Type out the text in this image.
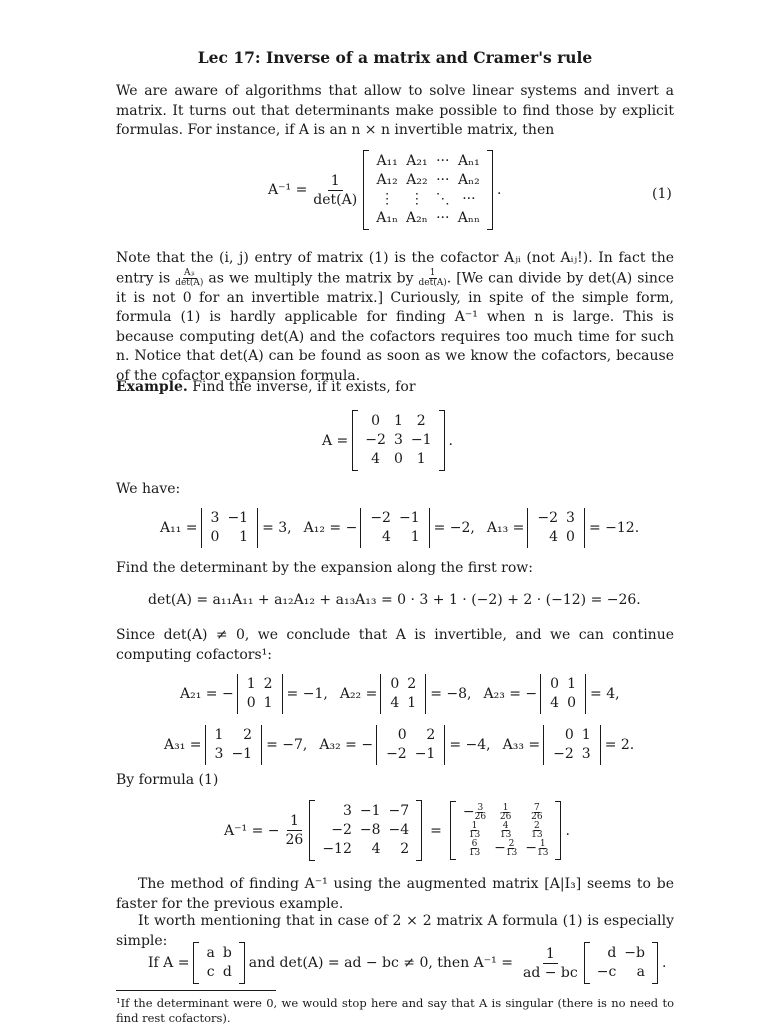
Lec 17: Inverse of a matrix and Cramer's rule

We are aware of algorithms that allow to solve linear systems and invert a matrix. It turns out that determinants make possible to find those by explicit formulas. For instance, if A is an n × n invertible matrix, then

$A^{-1} = \frac{1}{\det(A)}$
A₁₁ A₂₁ ··· Aₙ₁
A₁₂ A₂₂ ··· Aₙ₂
⋮	⋮ ⋱ ···
A₁ₙ A₂ₙ ··· Aₙₙ
.	(1)

Note that the (i, j) entry of matrix (1) is the cofactor Aⱼᵢ (not Aᵢⱼ!). In fact the entry is Aⱼᵢ
det(A) as we multiply the matrix by 1
det(A) . [We can divide by det(A) since it is not 0 for an invertible matrix.] Curiously, in spite of the simple form, formula (1) is hardly applicable for finding A⁻¹ when n is large. This is because computing det(A) and the cofactors requires too much time for such n. Notice that det(A) can be found as soon as we know the cofactors, because of the cofactor expansion formula.

Example. Find the inverse, if it exists, for

A =
0 1 2
−2 3 −1
4 0 1
.

We have:

A₁₁ =
3 −1
0	1
= 3, A₁₂ = −
−2 −1
4	1
= −2, A₁₃ =
−2 3
4 0
= −12.

Find the determinant by the expansion along the first row:

det(A) = a₁₁A₁₁ + a₁₂A₁₂ + a₁₃A₁₃ = 0 · 3 + 1 · (−2) + 2 · (−12) = −26.

Since det(A) ≠ 0, we conclude that A is invertible, and we can continue computing cofactors¹:

A₂₁ = −
1 2
0 1
= −1, A₂₂ =
0 2
4 1
= −8, A₂₃ = −
0 1
4 0
= 4,
A₃₁ =
1	2
3 −1
= −7, A₃₂ = −
0	2
−2 −1
= −4, A₃₃ =
0 1
−2 3
= 2.

By formula (1)

A⁻¹ = − $\frac{1}{26}$
3 −1 −7
−2 −8 −4
−12	4	2
=
− $\frac{3}{26} \frac{1}{26} \frac{7}{26}$
$\frac{1}{13} \frac{4}{13} \frac{2}{13}$
$\frac{6}{13} - \frac{2}{13} - \frac{1}{13}$
.

The method of finding A⁻¹ using the augmented matrix [A|I₃] seems to be faster for the previous example.

It worth mentioning that in case of 2 × 2 matrix A formula (1) is especially simple:

If A =
a b
c d
and det(A) = ad − bc ≠ 0, then $A^{-1} = \frac{1}{ad - bc}$	d −b
−c	a
.
¹If the determinant were 0, we would stop here and say that A is singular (there is no need to find rest cofactors).
